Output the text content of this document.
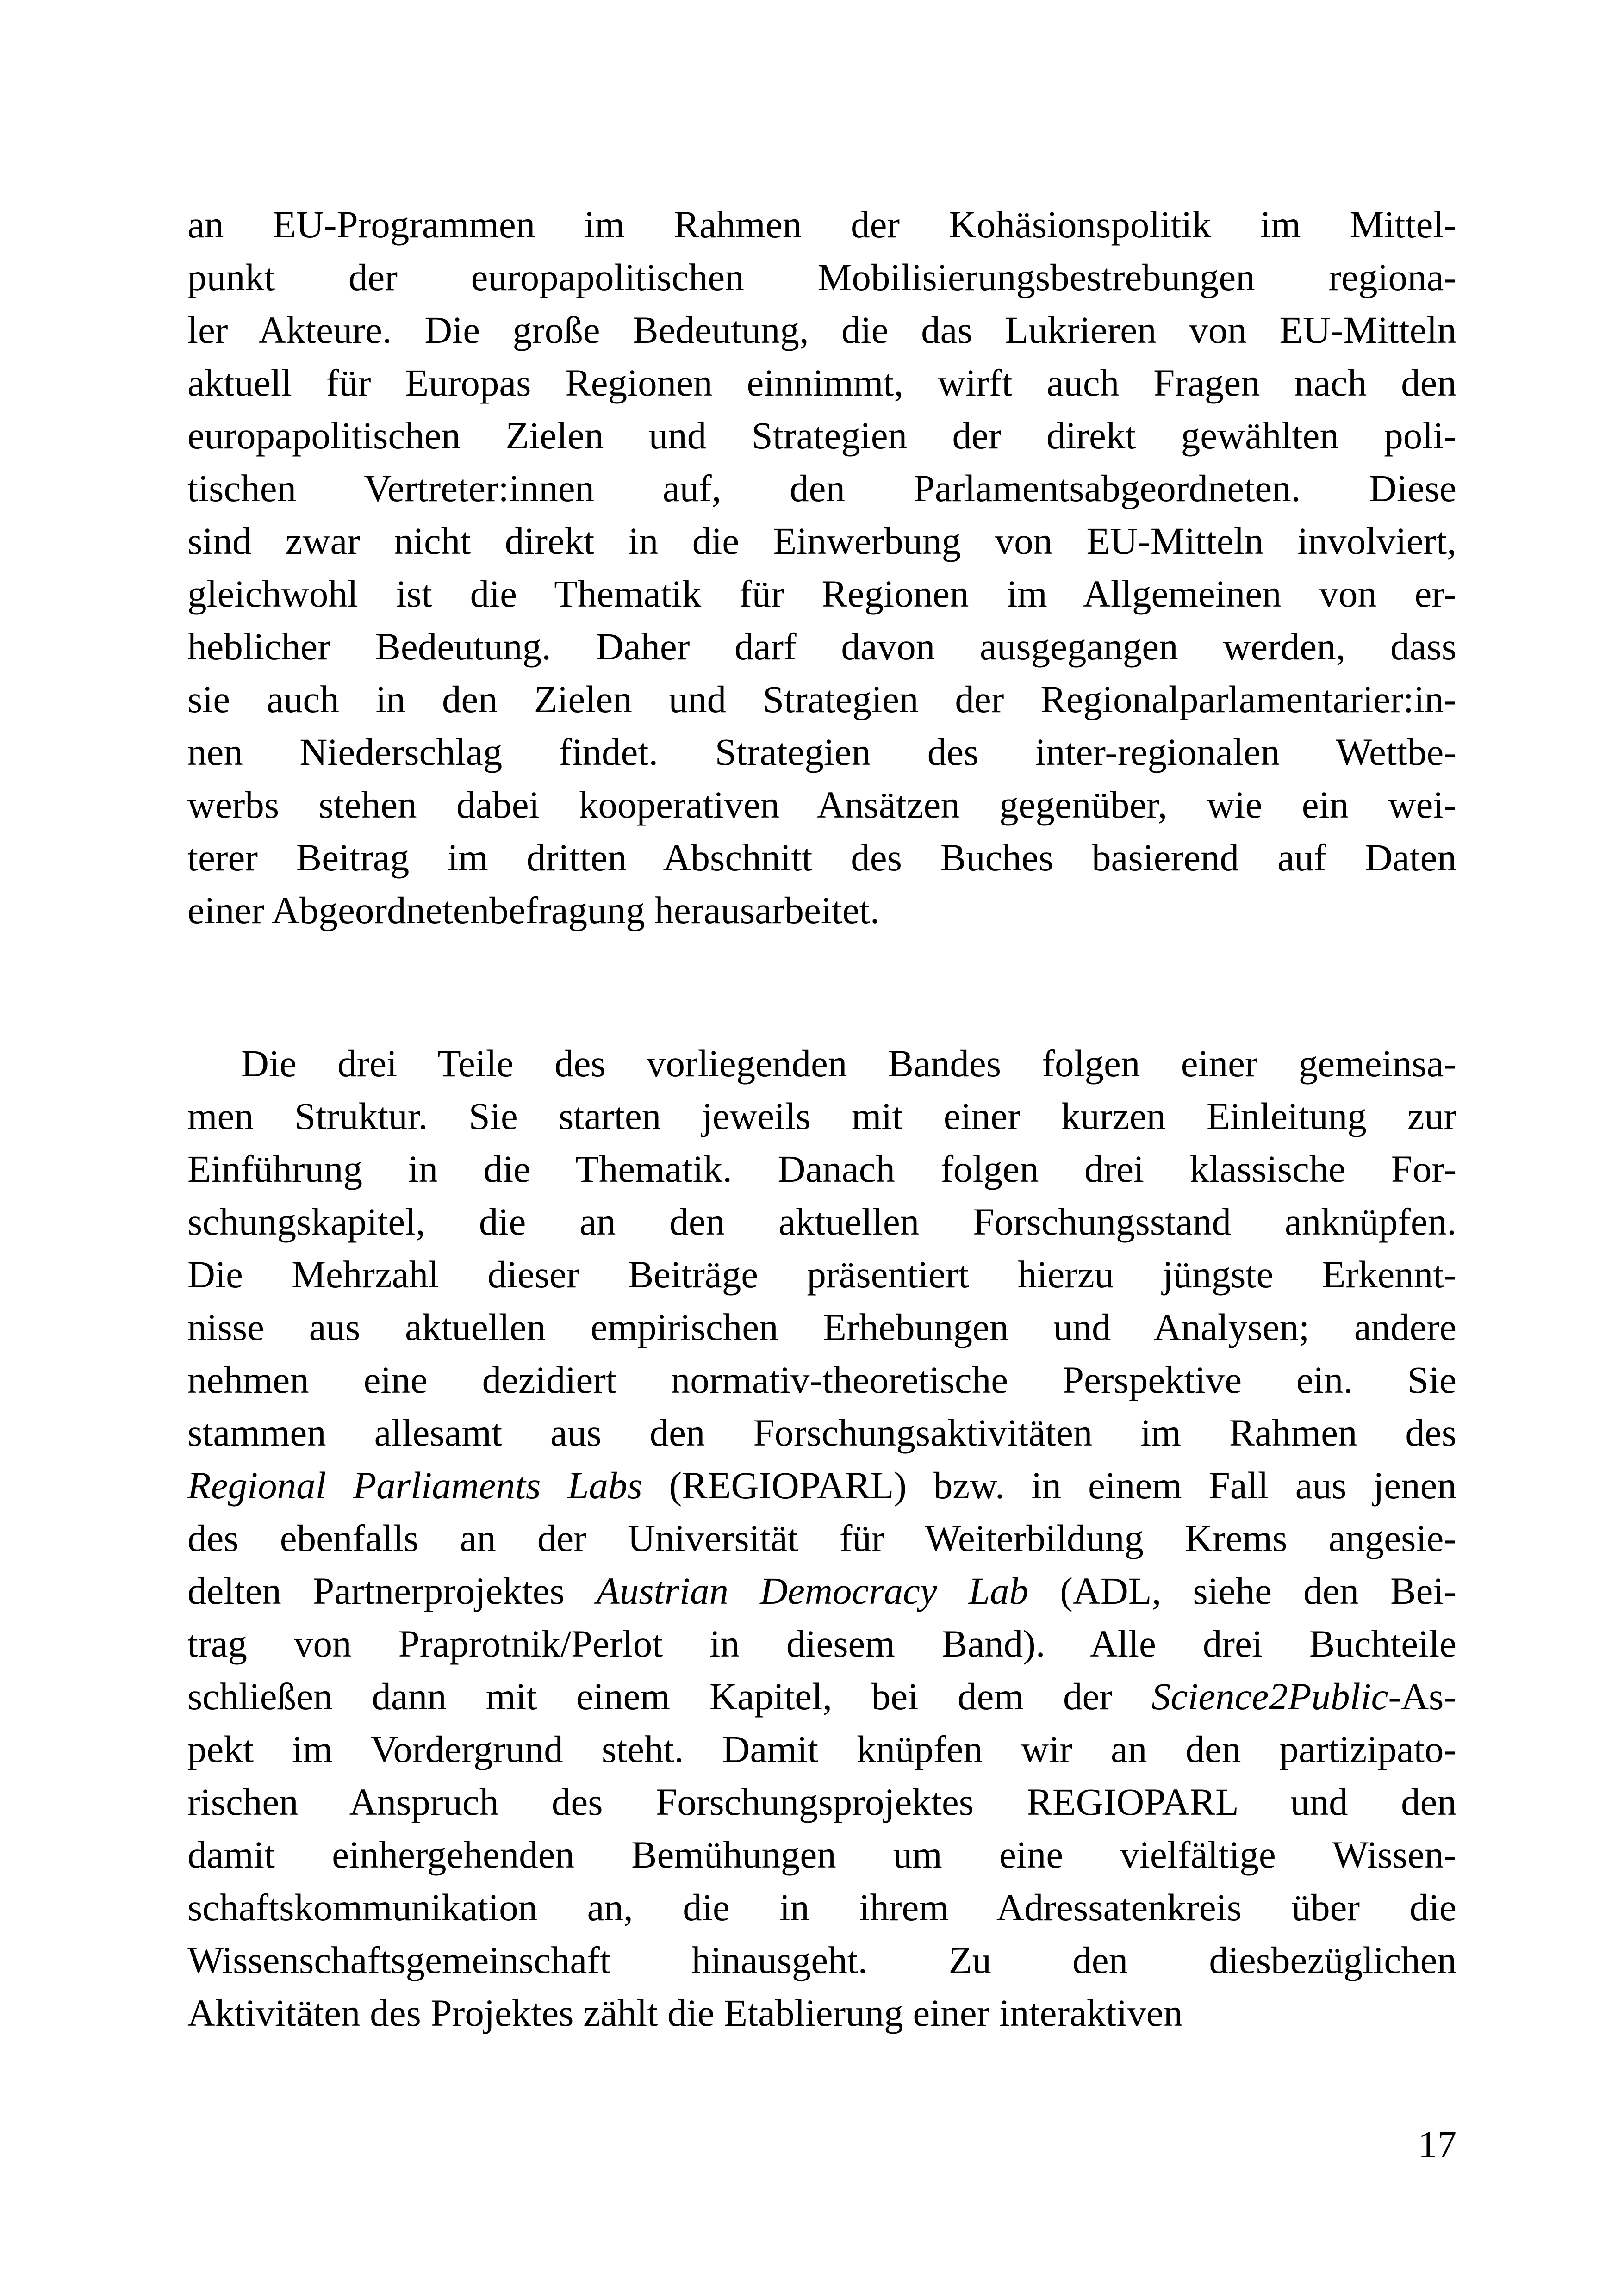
an EU-Programmen im Rahmen der Kohäsionspolitik im Mittel-
punkt der europapolitischen Mobilisierungsbestrebungen regiona-
ler Akteure. Die große Bedeutung, die das Lukrieren von EU-Mitteln
aktuell für Europas Regionen einnimmt, wirft auch Fragen nach den
europapolitischen Zielen und Strategien der direkt gewählten poli-
tischen Vertreter:innen auf, den Parlamentsabgeordneten. Diese
sind zwar nicht direkt in die Einwerbung von EU-Mitteln involviert,
gleichwohl ist die Thematik für Regionen im Allgemeinen von er-
heblicher Bedeutung. Daher darf davon ausgegangen werden, dass
sie auch in den Zielen und Strategien der Regionalparlamentarier:in-
nen Niederschlag findet. Strategien des inter-regionalen Wettbe-
werbs stehen dabei kooperativen Ansätzen gegenüber, wie ein wei-
terer Beitrag im dritten Abschnitt des Buches basierend auf Daten
einer Abgeordnetenbefragung herausarbeitet.
Die drei Teile des vorliegenden Bandes folgen einer gemeinsa-
men Struktur. Sie starten jeweils mit einer kurzen Einleitung zur
Einführung in die Thematik. Danach folgen drei klassische For-
schungskapitel, die an den aktuellen Forschungsstand anknüpfen.
Die Mehrzahl dieser Beiträge präsentiert hierzu jüngste Erkennt-
nisse aus aktuellen empirischen Erhebungen und Analysen; andere
nehmen eine dezidiert normativ-theoretische Perspektive ein. Sie
stammen allesamt aus den Forschungsaktivitäten im Rahmen des
Regional Parliaments Labs (REGIOPARL) bzw. in einem Fall aus jenen
des ebenfalls an der Universität für Weiterbildung Krems angesie-
delten Partnerprojektes Austrian Democracy Lab (ADL, siehe den Bei-
trag von Praprotnik/Perlot in diesem Band). Alle drei Buchteile
schließen dann mit einem Kapitel, bei dem der Science2Public-As-
pekt im Vordergrund steht. Damit knüpfen wir an den partizipato-
rischen Anspruch des Forschungsprojektes REGIOPARL und den
damit einhergehenden Bemühungen um eine vielfältige Wissen-
schaftskommunikation an, die in ihrem Adressatenkreis über die
Wissenschaftsgemeinschaft hinausgeht. Zu den diesbezüglichen
Aktivitäten des Projektes zählt die Etablierung einer interaktiven
17
